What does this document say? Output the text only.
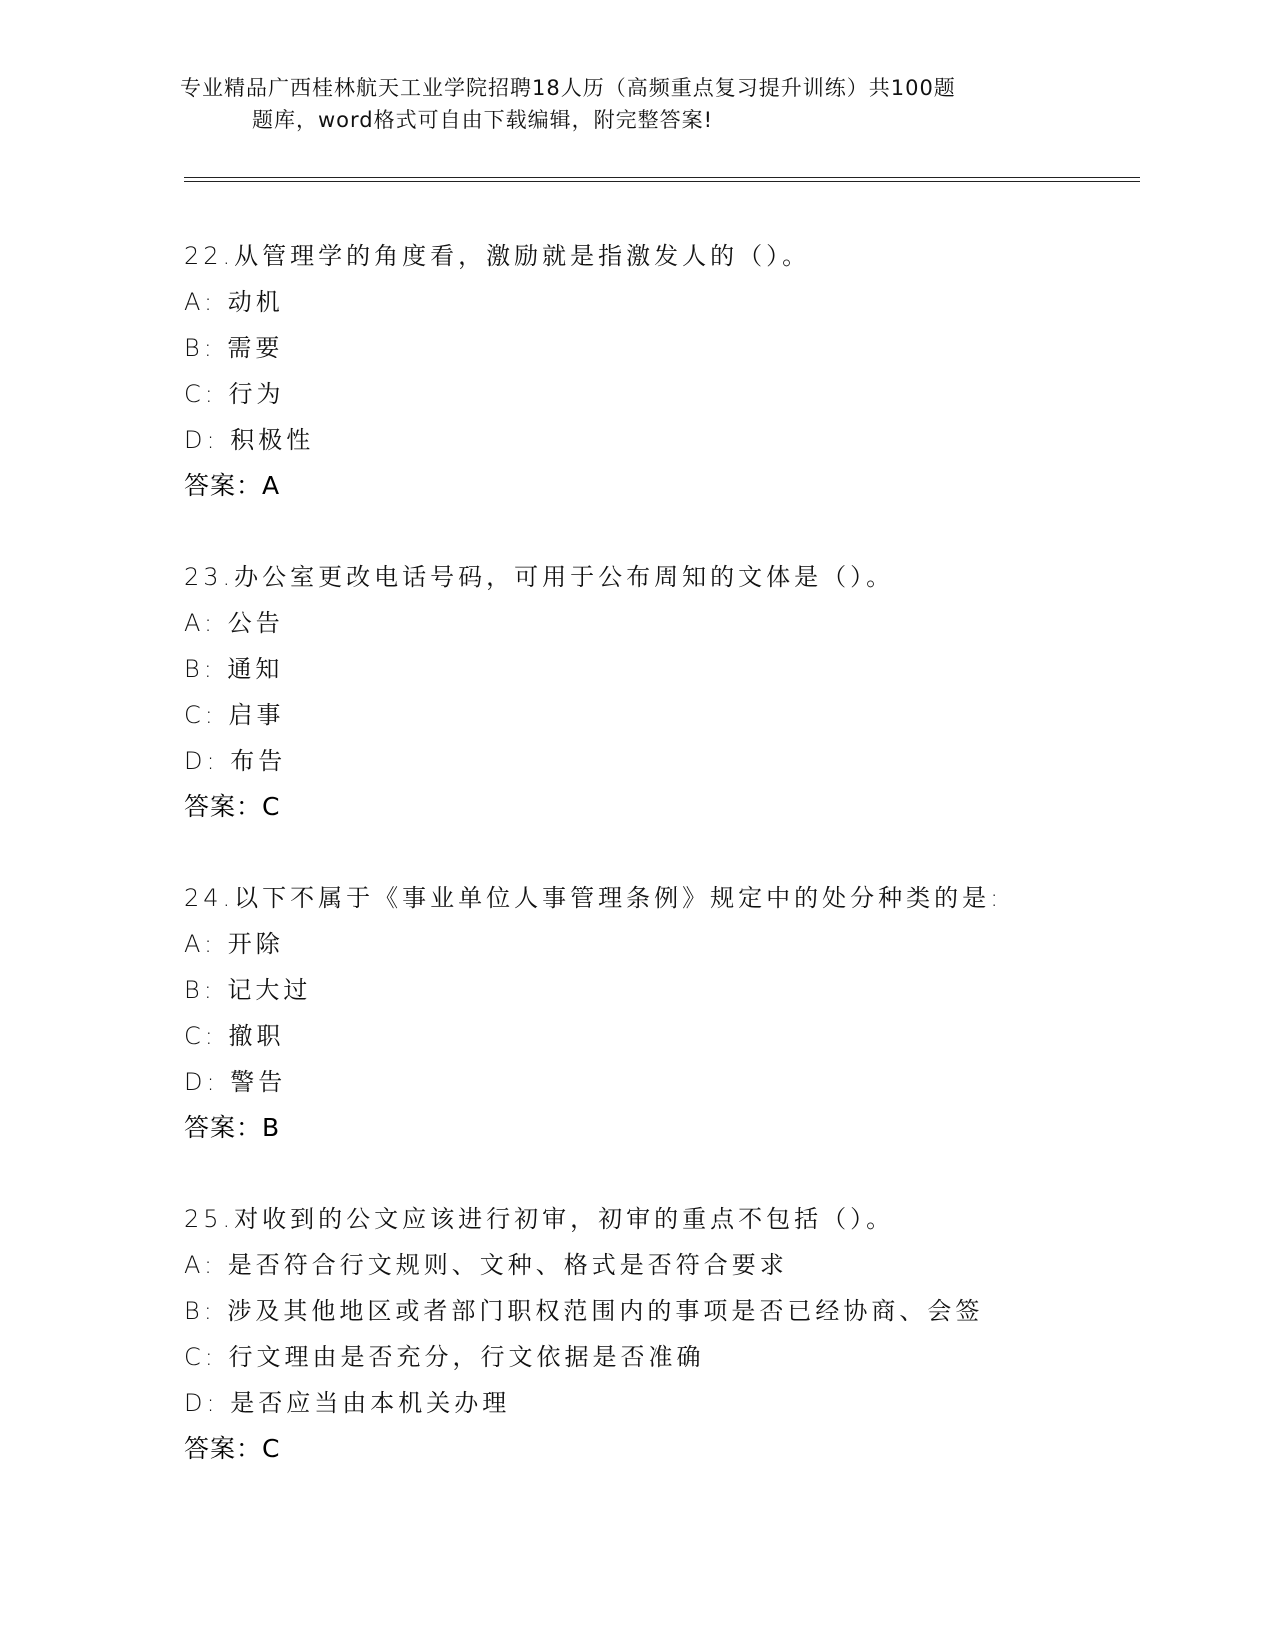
专业精品广西桂林航天工业学院招聘18人历（高频重点复习提升训练）共100题
题库，word格式可自由下载编辑，附完整答案!
22.从管理学的角度看，激励就是指激发人的（）。
A: 动机
B: 需要
C: 行为
D: 积极性
答案：A
23.办公室更改电话号码，可用于公布周知的文体是（）。
A: 公告
B: 通知
C: 启事
D: 布告
答案：C
24.以下不属于《事业单位人事管理条例》规定中的处分种类的是:
A: 开除
B: 记大过
C: 撤职
D: 警告
答案：B
25.对收到的公文应该进行初审，初审的重点不包括（）。
A: 是否符合行文规则、文种、格式是否符合要求
B: 涉及其他地区或者部门职权范围内的事项是否已经协商、会签
C: 行文理由是否充分，行文依据是否准确
D: 是否应当由本机关办理
答案：C
